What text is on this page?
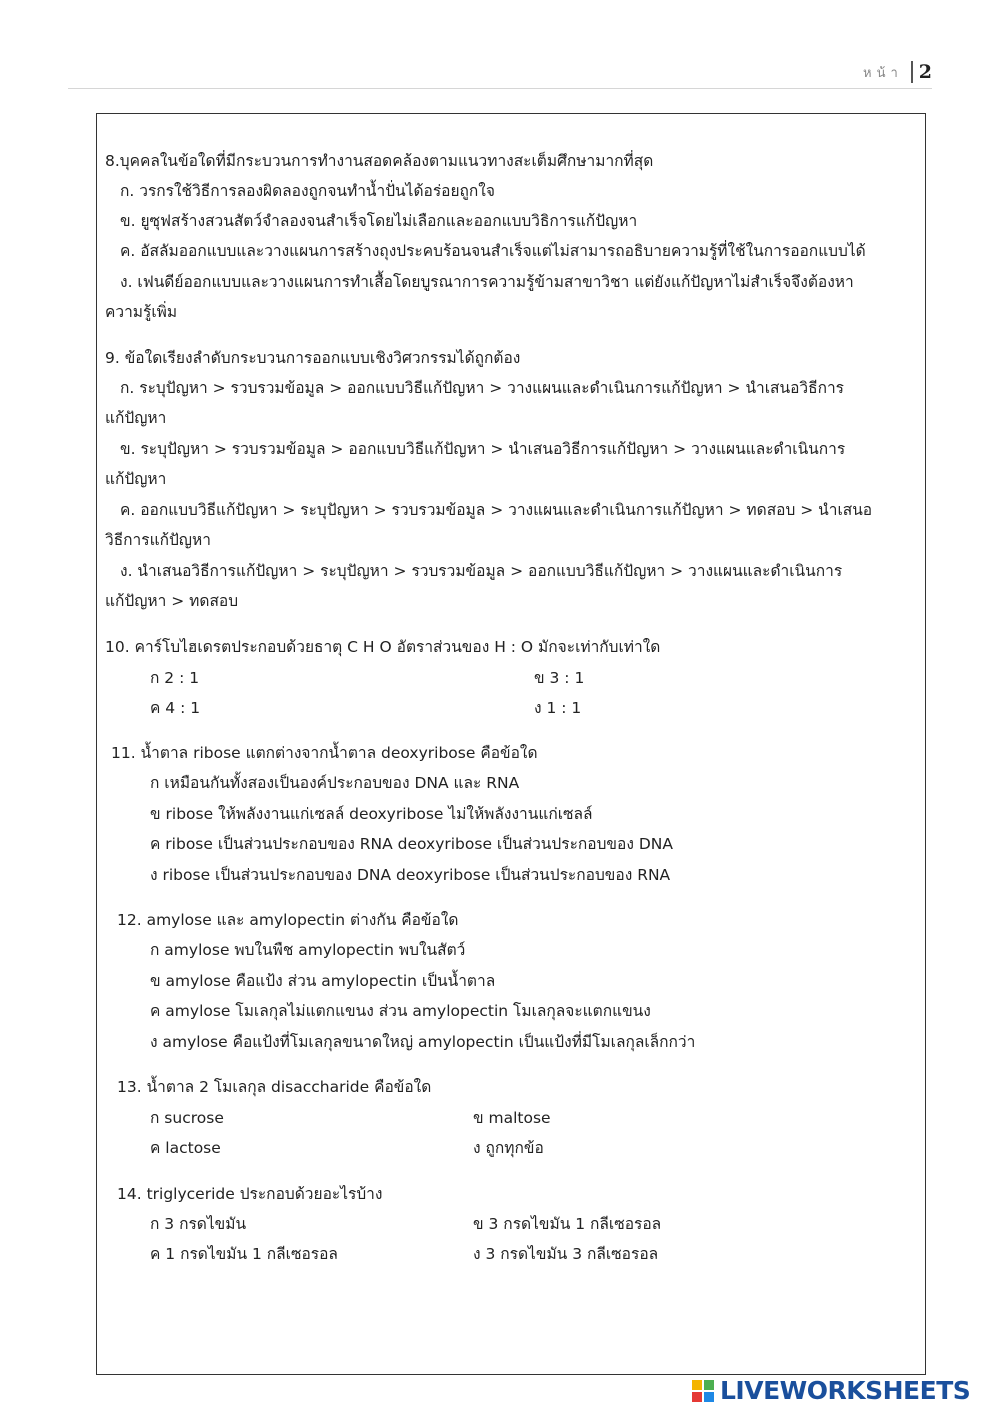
หน้า 2
8.บุคคลในข้อใดที่มีกระบวนการทำงานสอดคล้องตามแนวทางสะเต็มศึกษามากที่สุด
ก. วรกรใช้วิธีการลองผิดลองถูกจนทำน้ำปั่นได้อร่อยถูกใจ
ข. ยูซุฟสร้างสวนสัตว์จำลองจนสำเร็จโดยไม่เลือกและออกแบบวิธิการแก้ปัญหา
ค. อัสลัมออกแบบและวางแผนการสร้างถุงประคบร้อนจนสำเร็จแต่ไม่สามารถอธิบายความรู้ที่ใช้ในการออกแบบได้
ง. เฟนดีย์ออกแบบและวางแผนการทำเสื้อโดยบูรณาการความรู้ข้ามสาขาวิชา แต่ยังแก้ปัญหาไม่สำเร็จจึงต้องหา
ความรู้เพิ่ม
9. ข้อใดเรียงลำดับกระบวนการออกแบบเชิงวิศวกรรมได้ถูกต้อง
ก. ระบุปัญหา > รวบรวมข้อมูล > ออกแบบวิธีแก้ปัญหา > วางแผนและดำเนินการแก้ปัญหา > นำเสนอวิธีการ
แก้ปัญหา
ข. ระบุปัญหา > รวบรวมข้อมูล > ออกแบบวิธีแก้ปัญหา > นำเสนอวิธีการแก้ปัญหา > วางแผนและดำเนินการ
แก้ปัญหา
ค. ออกแบบวิธีแก้ปัญหา > ระบุปัญหา > รวบรวมข้อมูล > วางแผนและดำเนินการแก้ปัญหา > ทดสอบ > นำเสนอ
วิธีการแก้ปัญหา
ง. นำเสนอวิธีการแก้ปัญหา > ระบุปัญหา > รวบรวมข้อมูล > ออกแบบวิธีแก้ปัญหา > วางแผนและดำเนินการ
แก้ปัญหา > ทดสอบ
10. คาร์โบไฮเดรตประกอบด้วยธาตุ C H O อัตราส่วนของ H : O มักจะเท่ากับเท่าใด
ก 2 : 1	ข 3 : 1
ค 4 : 1	ง 1 : 1
11. น้ำตาล ribose แตกต่างจากน้ำตาล deoxyribose คือข้อใด
ก เหมือนกันทั้งสองเป็นองค์ประกอบของ DNA และ RNA
ข ribose ให้พลังงานแก่เซลล์ deoxyribose ไม่ให้พลังงานแก่เซลล์
ค ribose เป็นส่วนประกอบของ RNA deoxyribose เป็นส่วนประกอบของ DNA
ง ribose เป็นส่วนประกอบของ DNA deoxyribose เป็นส่วนประกอบของ RNA
12. amylose และ amylopectin ต่างกัน คือข้อใด
ก amylose พบในพืช amylopectin พบในสัตว์
ข amylose คือแป้ง ส่วน amylopectin เป็นน้ำตาล
ค amylose โมเลกุลไม่แตกแขนง ส่วน amylopectin โมเลกุลจะแตกแขนง
ง amylose คือแป้งที่โมเลกุลขนาดใหญ่ amylopectin เป็นแป้งที่มีโมเลกุลเล็กกว่า
13. น้ำตาล 2 โมเลกุล disaccharide คือข้อใด
ก sucrose	ข maltose
ค lactose	ง ถูกทุกข้อ
14. triglyceride ประกอบด้วยอะไรบ้าง
ก 3 กรดไขมัน	ข 3 กรดไขมัน 1 กลีเซอรอล
ค 1 กรดไขมัน 1 กลีเซอรอล	ง 3 กรดไขมัน 3 กลีเซอรอล
LIVEWORKSHEETS
